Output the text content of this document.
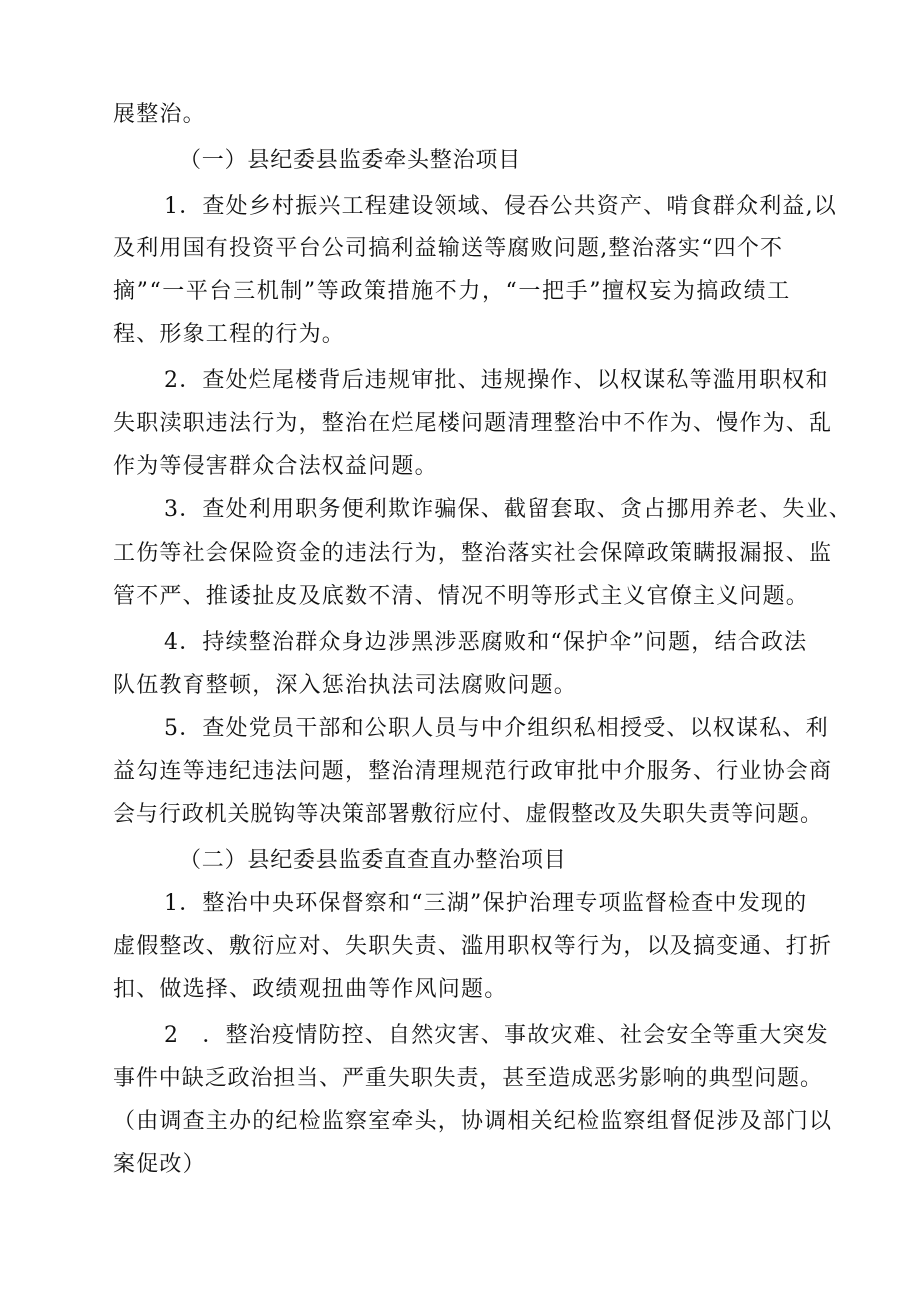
展整治。
（一）县纪委县监委牵头整治项目
1．查处乡村振兴工程建设领域、侵吞公共资产、啃食群众利益,以
及利用国有投资平台公司搞利益输送等腐败问题,整治落实“四个不
摘”“一平台三机制”等政策措施不力，“一把手”擅权妄为搞政绩工
程、形象工程的行为。
2．查处烂尾楼背后违规审批、违规操作、以权谋私等滥用职权和
失职渎职违法行为，整治在烂尾楼问题清理整治中不作为、慢作为、乱
作为等侵害群众合法权益问题。
3．查处利用职务便利欺诈骗保、截留套取、贪占挪用养老、失业、
工伤等社会保险资金的违法行为，整治落实社会保障政策瞒报漏报、监
管不严、推诿扯皮及底数不清、情况不明等形式主义官僚主义问题。
4．持续整治群众身边涉黑涉恶腐败和“保护伞”问题，结合政法
队伍教育整顿，深入惩治执法司法腐败问题。
5．查处党员干部和公职人员与中介组织私相授受、以权谋私、利
益勾连等违纪违法问题，整治清理规范行政审批中介服务、行业协会商
会与行政机关脱钩等决策部署敷衍应付、虚假整改及失职失责等问题。
（二）县纪委县监委直查直办整治项目
1．整治中央环保督察和“三湖”保护治理专项监督检查中发现的
虚假整改、敷衍应对、失职失责、滥用职权等行为，以及搞变通、打折
扣、做选择、政绩观扭曲等作风问题。
2　．整治疫情防控、自然灾害、事故灾难、社会安全等重大突发
事件中缺乏政治担当、严重失职失责，甚至造成恶劣影响的典型问题。
（由调查主办的纪检监察室牵头，协调相关纪检监察组督促涉及部门以
案促改）
